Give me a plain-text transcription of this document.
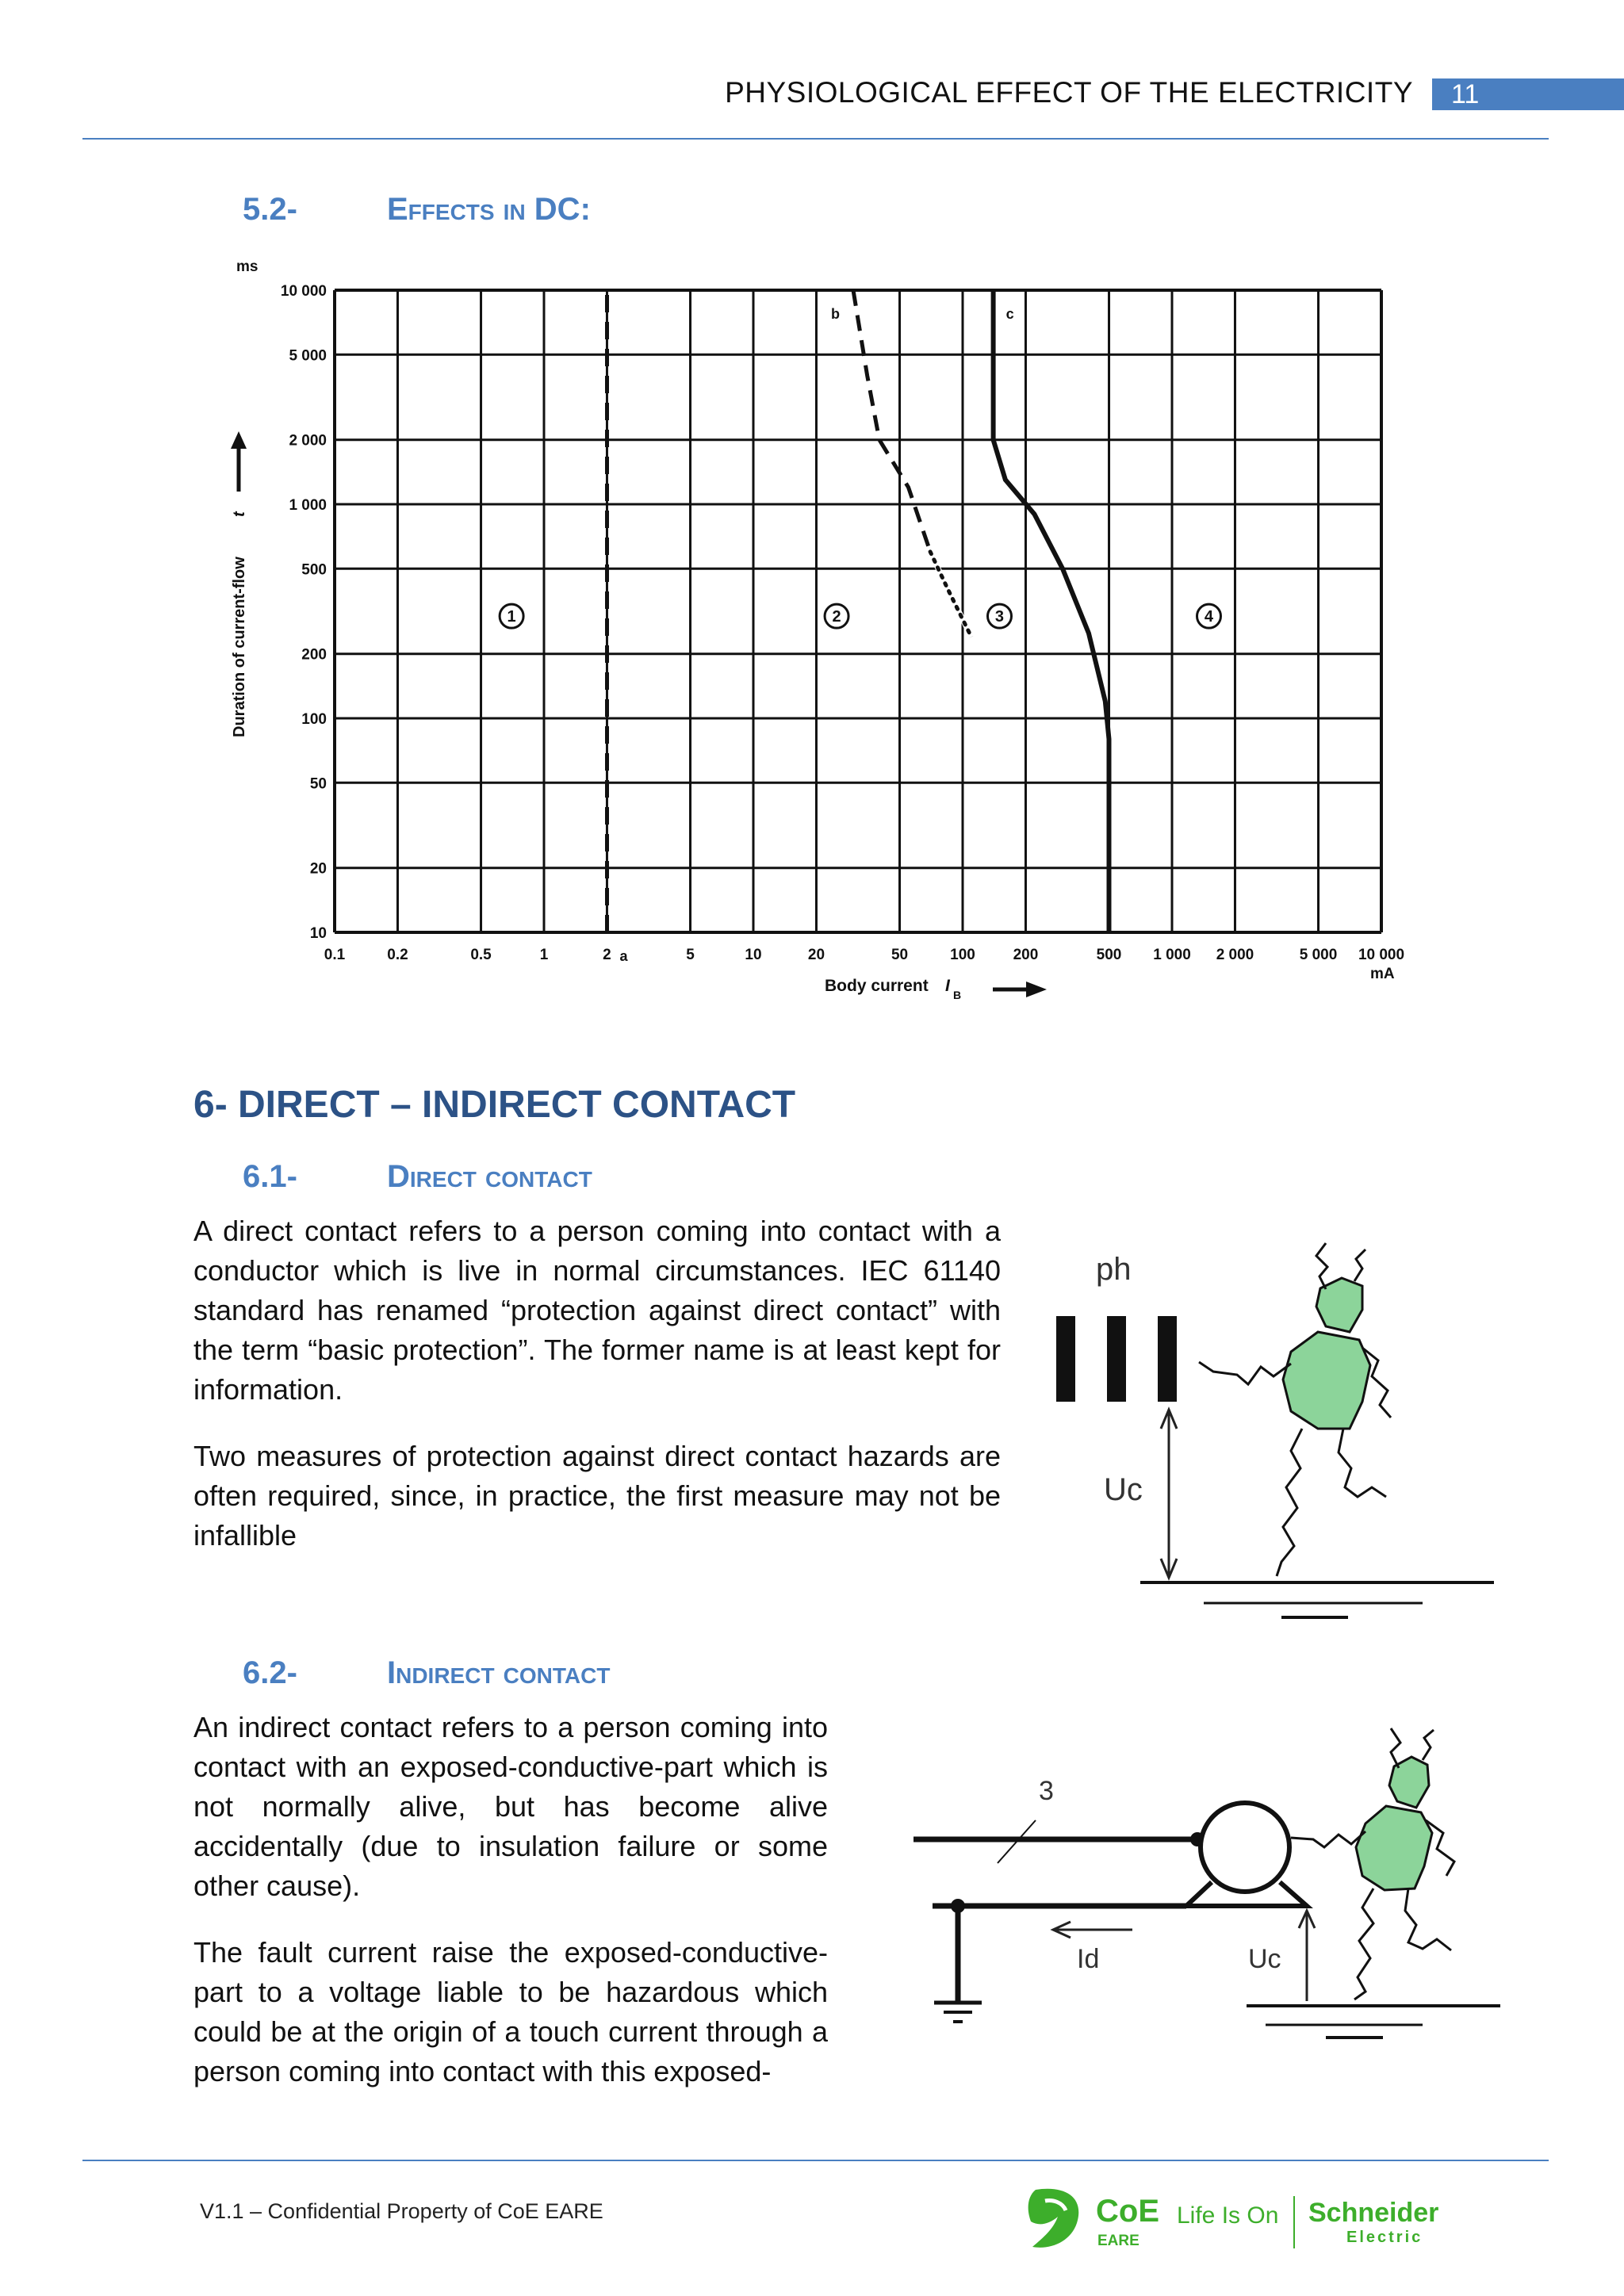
PHYSIOLOGICAL EFFECT OF THE ELECTRICITY	11
5.2-	Effects in DC:
0.1	0.2	0.5	1	2	5	10	20	50	100	200	500 1 000 2 000	5 000 10 000
10
20
50
100
200
500
1 000
2 000
5 000
10 000
a
b	c
1	2	3	4
Duration of current-flow
t
ms
Body current I B
mA
6- DIRECT – INDIRECT CONTACT
6.1-	Direct contact
A direct contact refers to a person coming into contact with a conductor which is live in normal circumstances. IEC 61140 standard has renamed “protection against direct contact” with the term “basic protection”. The former name is at least kept for information.
Two measures of protection against direct contact hazards are often required, since, in practice, the first measure may not be infallible
ph
Uc
6.2-	Indirect contact
An indirect contact refers to a person coming into contact with an exposed-conductive-part which is not normally alive, but has become alive accidentally (due to insulation failure or some other cause).
The fault current raise the exposed-conductive-part to a voltage liable to be hazardous which could be at the origin of a touch current through a person coming into contact with this exposed-
3
Id	Uc
V1.1 – Confidential Property of CoE EARE	CoE
EARE
Life Is On Schneider
Electric
